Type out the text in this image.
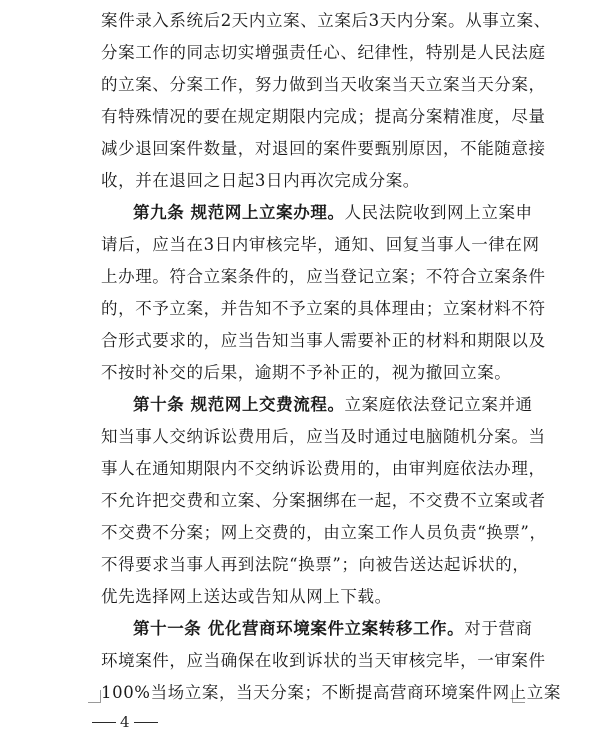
案件录入系统后2天内立案、立案后3天内分案。从事立案、
分案工作的同志切实增强责任心、纪律性，特别是人民法庭
的立案、分案工作，努力做到当天收案当天立案当天分案，
有特殊情况的要在规定期限内完成；提高分案精准度，尽量
减少退回案件数量，对退回的案件要甄别原因，不能随意接
收，并在退回之日起3日内再次完成分案。
第九条 规范网上立案办理。人民法院收到网上立案申
请后，应当在3日内审核完毕，通知、回复当事人一律在网
上办理。符合立案条件的，应当登记立案；不符合立案条件
的，不予立案，并告知不予立案的具体理由；立案材料不符
合形式要求的，应当告知当事人需要补正的材料和期限以及
不按时补交的后果，逾期不予补正的，视为撤回立案。
第十条 规范网上交费流程。立案庭依法登记立案并通
知当事人交纳诉讼费用后，应当及时通过电脑随机分案。当
事人在通知期限内不交纳诉讼费用的，由审判庭依法办理，
不允许把交费和立案、分案捆绑在一起，不交费不立案或者
不交费不分案；网上交费的，由立案工作人员负责“换票”，
不得要求当事人再到法院“换票”；向被告送达起诉状的，
优先选择网上送达或告知从网上下载。
第十一条 优化营商环境案件立案转移工作。对于营商
环境案件，应当确保在收到诉状的当天审核完毕，一审案件
100%当场立案，当天分案；不断提高营商环境案件网上立案
4
